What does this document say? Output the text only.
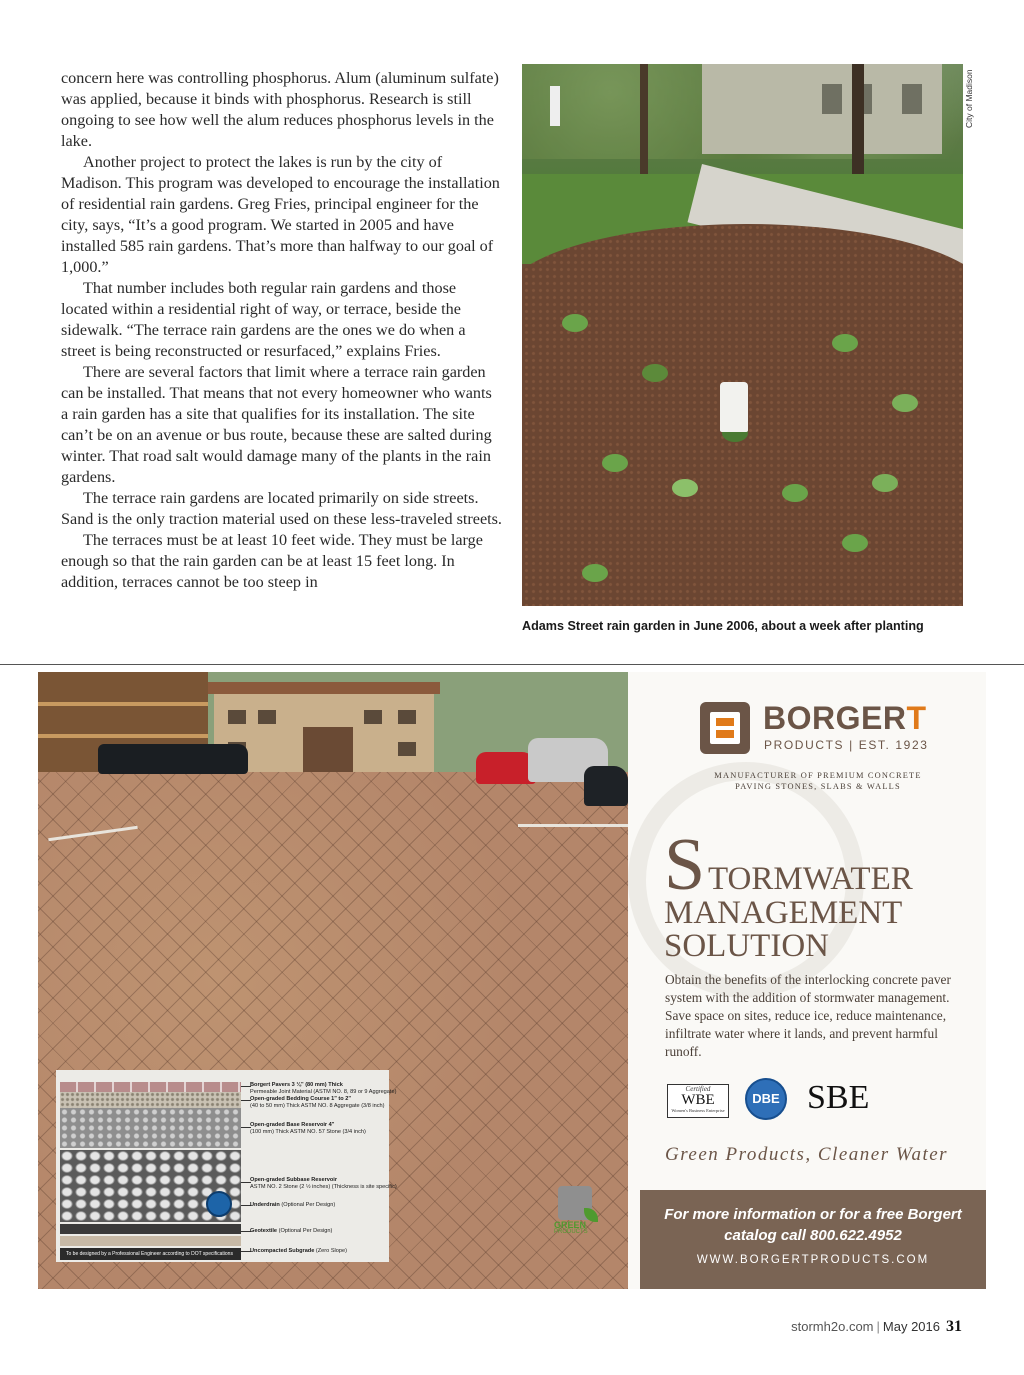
concern here was controlling phosphorus. Alum (aluminum sulfate) was applied, because it binds with phosphorus. Research is still ongoing to see how well the alum reduces phosphorus levels in the lake.

Another project to protect the lakes is run by the city of Madison. This program was developed to encourage the installation of residential rain gardens. Greg Fries, principal engineer for the city, says, “It’s a good program. We started in 2005 and have installed 585 rain gardens. That’s more than halfway to our goal of 1,000.”

That number includes both regular rain gardens and those located within a residential right of way, or terrace, beside the sidewalk. “The terrace rain gardens are the ones we do when a street is being reconstructed or resurfaced,” explains Fries.

There are several factors that limit where a terrace rain garden can be installed. That means that not every homeowner who wants a rain garden has a site that qualifies for its installation. The site can’t be on an avenue or bus route, because these are salted during winter. That road salt would damage many of the plants in the rain gardens.

The terrace rain gardens are located primarily on side streets. Sand is the only traction material used on these less-traveled streets.

The terraces must be at least 10 feet wide. They must be large enough so that the rain garden can be at least 15 feet long. In addition, terraces cannot be too steep in

City of Madison
Adams Street rain garden in June 2006, about a week after planting
Borgert Pavers 3 ⅛" (80 mm) Thick
Permeable Joint Material (ASTM NO. 8, 89 or 9 Aggregate)
Open-graded Bedding Course 1" to 2"
(40 to 50 mm) Thick ASTM NO. 8 Aggregate (3/8 inch)
Open-graded Base Reservoir 4"
(100 mm) Thick ASTM NO. 57 Stone (3/4 inch)
Open-graded Subbase Reservoir
ASTM NO. 2 Stone (2 ½ inches) (Thickness is site specific)
Underdrain (Optional Per Design)
Geotextile (Optional Per Design)
Uncompacted Subgrade (Zero Slope)
To be designed by a Professional Engineer according to DOT specifications
GREEN
PRODUCTS
BORGERT
PRODUCTS | EST. 1923
MANUFACTURER OF PREMIUM CONCRETE
PAVING STONES, SLABS & WALLS
S TORMWATER
MANAGEMENT
SOLUTION
Obtain the benefits of the interlocking concrete paver system with the addition of stormwater management. Save space on sites, reduce ice, reduce maintenance, infiltrate water where it lands, and prevent harmful runoff.
Certified
WBE
Women's Business Enterprise
DBE SBE
Green Products, Cleaner Water
For more information or for a free Borgert
catalog call 800.622.4952
WWW.BORGERTPRODUCTS.COM
stormh2o.com | May 2016 31
